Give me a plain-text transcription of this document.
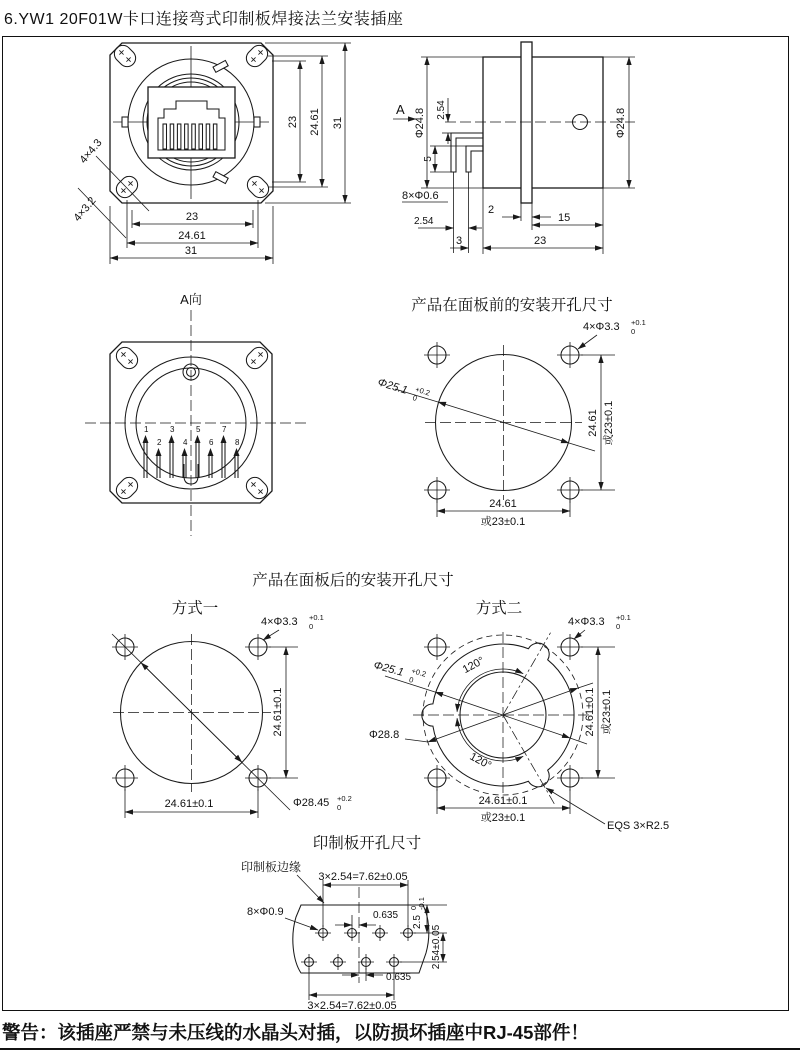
6.YW1 20F01W卡口连接弯式印制板焊接法兰安装插座
4×4.3
4×3.2
23 24.61 31
23
24.61
31
A Φ24.8 2.54
5
8×Φ0.6
2.54
2
15
3	23
Φ24.8
A向
1
2
3
4
5
6
7
8
产品在面板前的安装开孔尺寸
4×Φ3.3 +0.1
0
Φ25.1 +0.2
0
24.61 或23±0.1
24.61
或23±0.1
产品在面板后的安装开孔尺寸
方式一
4×Φ3.3 +0.1
0
Φ28.45 +0.2
0
24.61±0.1
24.61±0.1
方式二
120°
120°
4×Φ3.3 +0.1
0
Φ25.1 +0.2
0
Φ28.8	24.61±0.1 或23±0.1
24.61±0.1
或23±0.1
EQS 3×R2.5
印制板开孔尺寸
3×2.54=7.62±0.05
2.5
0 -0.1
2.54±0.05
8×Φ0.9
印制板边缘
0.635
0.635
3×2.54=7.62±0.05
警告：该插座严禁与未压线的水晶头对插，以防损坏插座中RJ-45部件！
